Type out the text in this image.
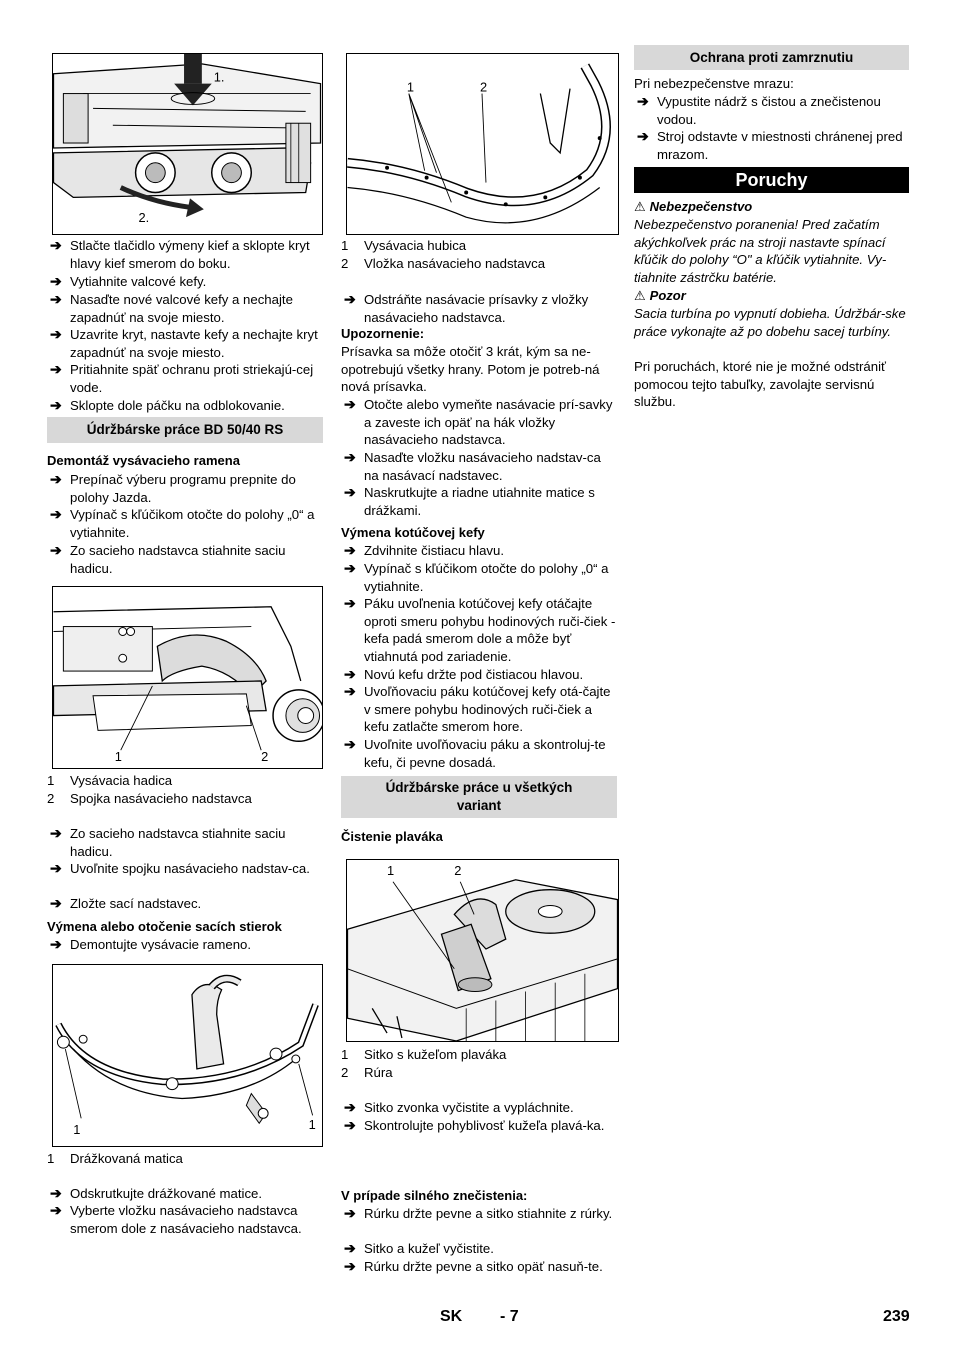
1.
2.
➔ Stlačte tlačidlo výmeny kief a sklopte kryt hlavy kief smerom do boku.
➔ Vytiahnite valcové kefy.
➔ Nasaďte nové valcové kefy a nechajte zapadnúť na svoje miesto.
➔ Uzavrite kryt, nastavte kefy a nechajte kryt zapadnúť na svoje miesto.
➔ Pritiahnite späť ochranu proti striekajú-cej vode.
➔ Sklopte dole páčku na odblokovanie.
Údržbárske práce BD 50/40 RS
Demontáž vysávacieho ramena
➔ Prepínač výberu programu prepnite do polohy Jazda.
➔ Vypínač s kľúčikom otočte do polohy „0“ a vytiahnite.
➔ Zo sacieho nadstavca stiahnite saciu hadicu.
1	2
1 Vysávacia hadica
2 Spojka nasávacieho nadstavca
➔ Zo sacieho nadstavca stiahnite saciu hadicu.
➔ Uvoľnite spojku nasávacieho nadstav-ca.
➔ Zložte sací nadstavec.
Výmena alebo otočenie sacích stierok
➔ Demontujte vysávacie rameno.
1	1
1 Drážkovaná matica
➔ Odskrutkujte drážkované matice.
➔ Vyberte vložku nasávacieho nadstavca smerom dole z nasávacieho nadstavca.
1	2
1 Vysávacia hubica
2 Vložka nasávacieho nadstavca
➔ Odstráňte nasávacie prísavky z vložky nasávacieho nadstavca.
Upozornenie:
Prísavka sa môže otočiť 3 krát, kým sa ne-opotrebujú všetky hrany. Potom je potreb-ná nová prísavka.
➔ Otočte alebo vymeňte nasávacie prí-savky a zaveste ich opäť na hák vložky nasávacieho nadstavca.
➔ Nasaďte vložku nasávacieho nadstav-ca na nasávací nadstavec.
➔ Naskrutkujte a riadne utiahnite matice s drážkami.
Výmena kotúčovej kefy
➔ Zdvihnite čistiacu hlavu.
➔ Vypínač s kľúčikom otočte do polohy „0“ a vytiahnite.
➔ Páku uvoľnenia kotúčovej kefy otáčajte oproti smeru pohybu hodinových ruči-čiek - kefa padá smerom dole a môže byť vtiahnutá pod zariadenie.
➔ Novú kefu držte pod čistiacou hlavou.
➔ Uvoľňovaciu páku kotúčovej kefy otá-čajte v smere pohybu hodinových ruči-čiek a kefu zatlačte smerom hore.
➔ Uvoľnite uvoľňovaciu páku a skontroluj-te kefu, či pevne dosadá.
Údržbárske práce u všetkých
variant
Čistenie plaváka
1	2
1 Sitko s kužeľom plaváka
2 Rúra
➔ Sitko zvonka vyčistite a vypláchnite.
➔ Skontrolujte pohyblivosť kužeľa plavá-ka.
V prípade silného znečistenia:
➔ Rúrku držte pevne a sitko stiahnite z rúrky.
➔ Sitko a kužeľ vyčistite.
➔ Rúrku držte pevne a sitko opäť nasuň-te.
Ochrana proti zamrznutiu
Pri nebezpečenstve mrazu:
➔ Vypustite nádrž s čistou a znečistenou vodou.
➔ Stroj odstavte v miestnosti chránenej pred mrazom.
Poruchy
⚠ Nebezpečenstvo
Nebezpečenstvo poranenia! Pred začatím akýchkoľvek prác na stroji nastavte spínací kľúčik do polohy “O" a kľúčik vytiahnite. Vy-tiahnite zástrčku batérie.
⚠ Pozor
Sacia turbína po vypnutí dobieha. Údržbár-ske práce vykonajte až po dobehu sacej turbíny.
Pri poruchách, ktoré nie je možné odstrániť pomocou tejto tabuľky, zavolajte servisnú službu.
SK - 7	239
